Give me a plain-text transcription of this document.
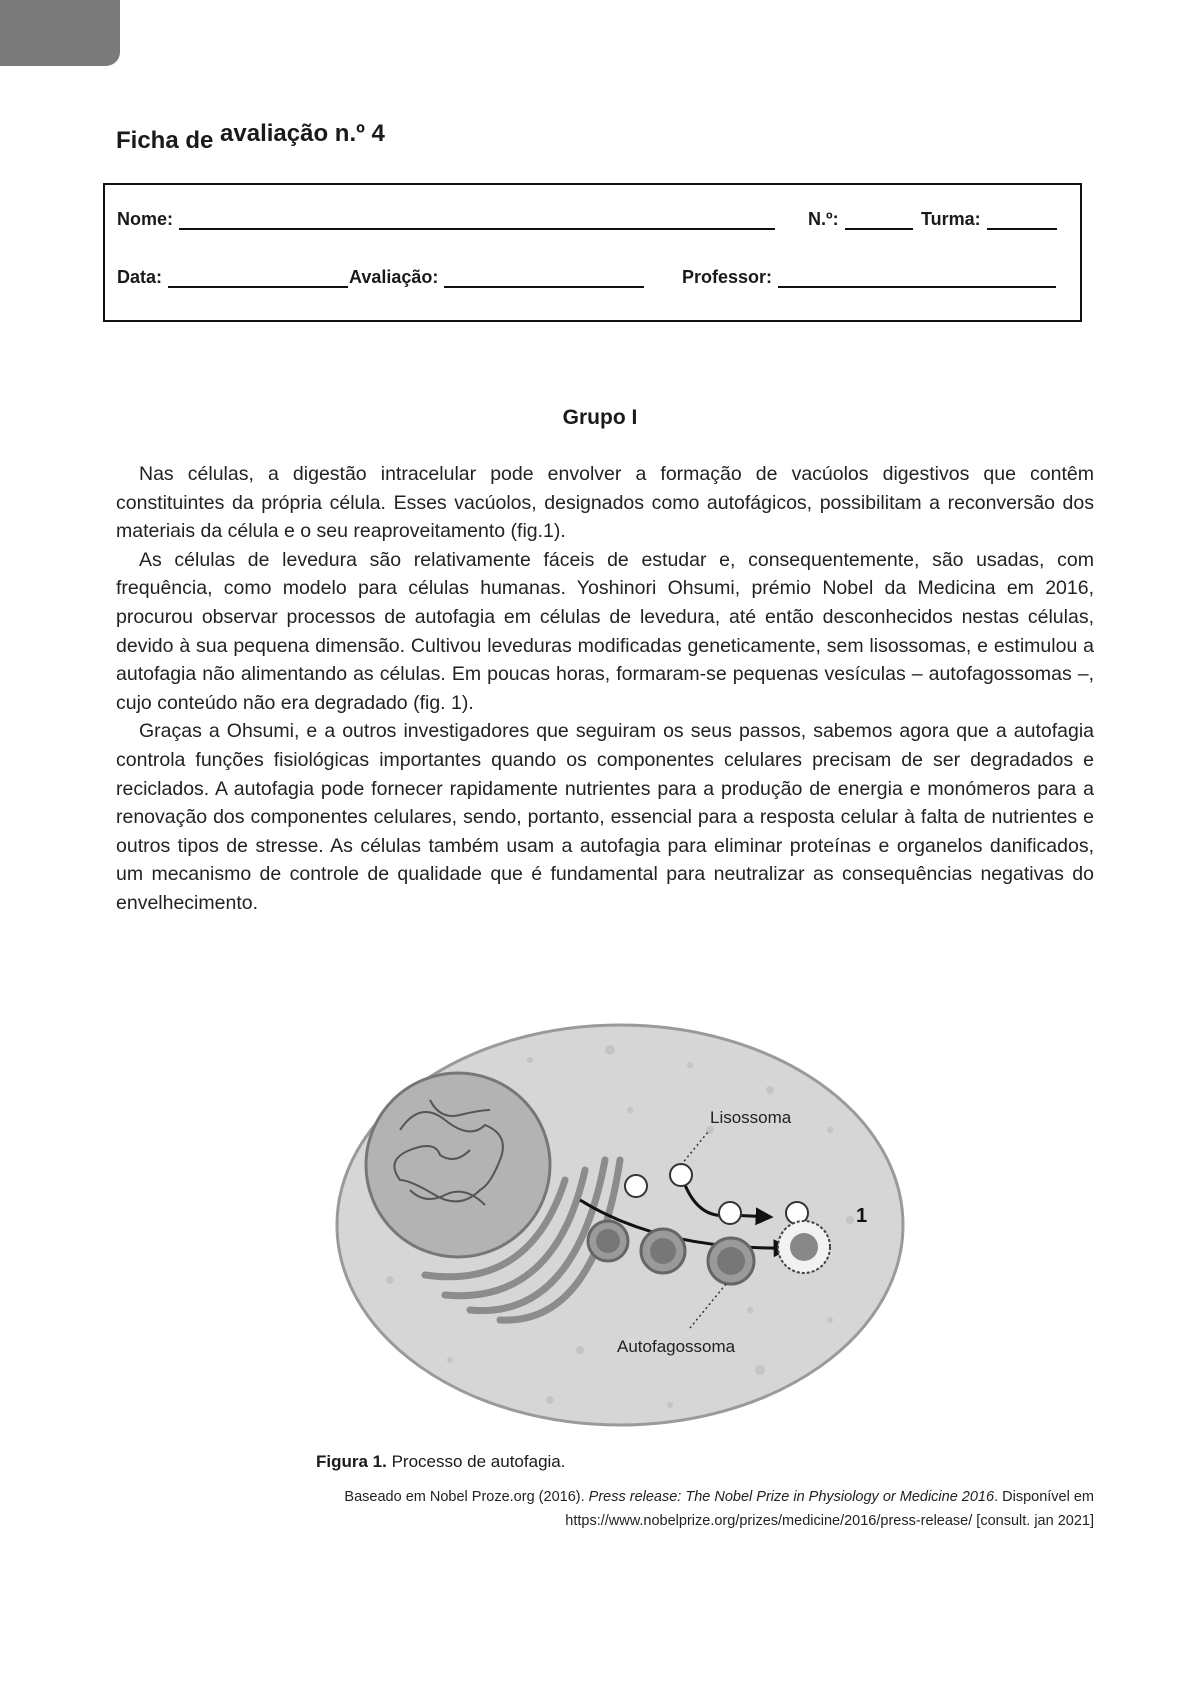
Ficha de avaliação n.º 4
Nome:	N.º:	Turma:
Data:	Avaliação:	Professor:
Grupo I

Nas células, a digestão intracelular pode envolver a formação de vacúolos digestivos que contêm constituintes da própria célula. Esses vacúolos, designados como autofágicos, possibilitam a reconversão dos materiais da célula e o seu reaproveitamento (fig.1).

As células de levedura são relativamente fáceis de estudar e, consequentemente, são usadas, com frequência, como modelo para células humanas. Yoshinori Ohsumi, prémio Nobel da Medicina em 2016, procurou observar processos de autofagia em células de levedura, até então desconhecidos nestas células, devido à sua pequena dimensão. Cultivou leveduras modificadas geneticamente, sem lisossomas, e estimulou a autofagia não alimentando as células. Em poucas horas, formaram-se pequenas vesículas – autofagossomas –, cujo conteúdo não era degradado (fig. 1).

Graças a Ohsumi, e a outros investigadores que seguiram os seus passos, sabemos agora que a autofagia controla funções fisiológicas importantes quando os componentes celulares precisam de ser degradados e reciclados. A autofagia pode fornecer rapidamente nutrientes para a produção de energia e monómeros para a renovação dos componentes celulares, sendo, portanto, essencial para a resposta celular à falta de nutrientes e outros tipos de stresse. As células também usam a autofagia para eliminar proteínas e organelos danificados, um mecanismo de controle de qualidade que é fundamental para neutralizar as consequências negativas do envelhecimento.

Lisossoma
Autofagossoma
1
Figura 1. Processo de autofagia.
Baseado em Nobel Proze.org (2016). Press release: The Nobel Prize in Physiology or Medicine 2016. Disponível em
https://www.nobelprize.org/prizes/medicine/2016/press-release/ [consult. jan 2021]
